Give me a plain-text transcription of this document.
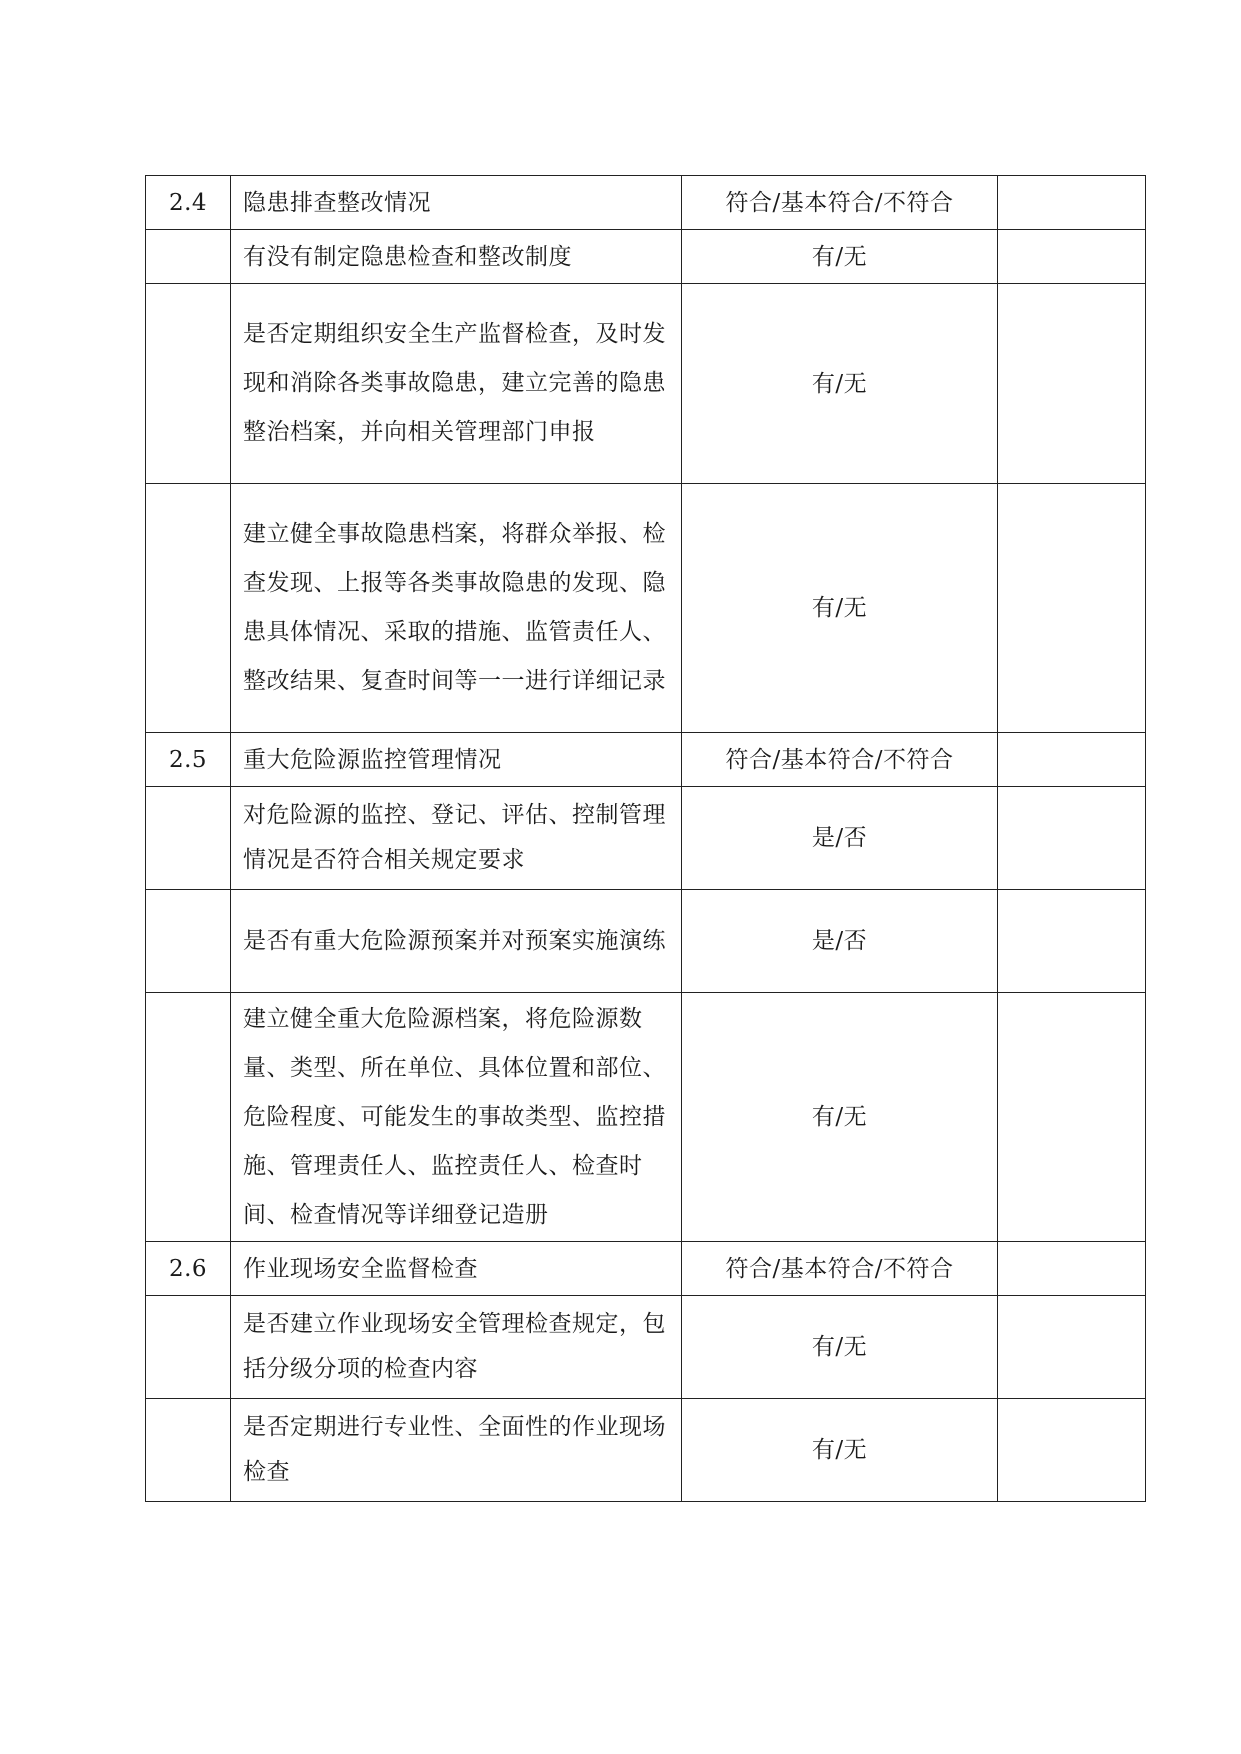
2.4	隐患排查整改情况	符合/基本符合/不符合	
	有没有制定隐患检查和整改制度	有/无	
	是否定期组织安全生产监督检查，及时发现和消除各类事故隐患，建立完善的隐患整治档案，并向相关管理部门申报	有/无	
	建立健全事故隐患档案，将群众举报、检查发现、上报等各类事故隐患的发现、隐患具体情况、采取的措施、监管责任人、整改结果、复查时间等一一进行详细记录	有/无	
2.5	重大危险源监控管理情况	符合/基本符合/不符合	
	对危险源的监控、登记、评估、控制管理情况是否符合相关规定要求	是/否	
	是否有重大危险源预案并对预案实施演练	是/否	
	建立健全重大危险源档案，将危险源数量、类型、所在单位、具体位置和部位、危险程度、可能发生的事故类型、监控措施、管理责任人、监控责任人、检查时间、检查情况等详细登记造册	有/无	
2.6	作业现场安全监督检查	符合/基本符合/不符合	
	是否建立作业现场安全管理检查规定，包括分级分项的检查内容	有/无	
	是否定期进行专业性、全面性的作业现场检查	有/无	
